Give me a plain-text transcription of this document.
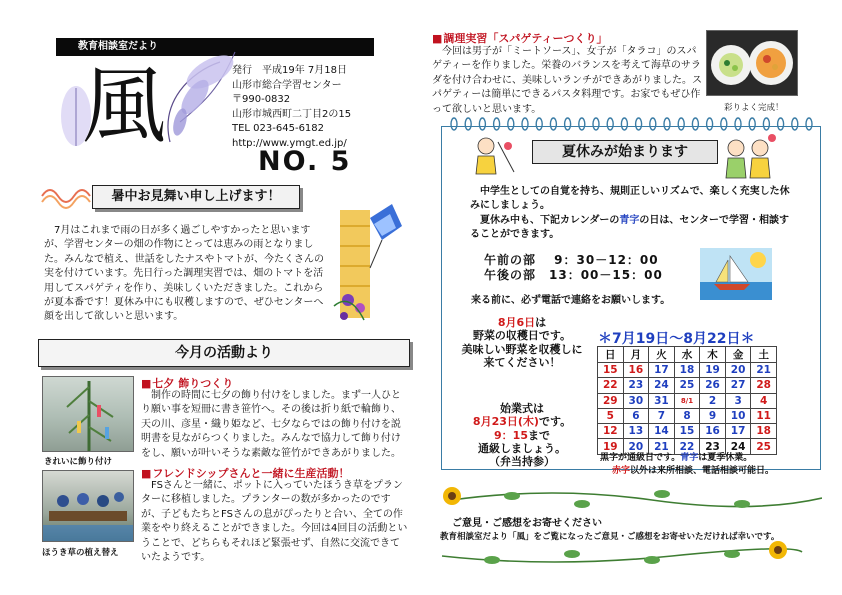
教育相談室だより
風	発行　平成19年 7月18日
山形市総合学習センター
〒990-0832
山形市城西町二丁目2の15
TEL 023-645-6182
http://www.ymgt.ed.jp/
NO. 5
暑中お見舞い申し上げます！
7月はこれまで雨の日が多く過ごしやすかったと思いますが、学習センターの畑の作物にとっては恵みの雨となりました。みんなで植え、世話をしたナスやトマトが、今たくさんの実を付けています。先日行った調理実習では、畑のトマトを活用してスパゲティを作り、美味しくいただきました。これからが夏本番です！夏休み中にも収穫しますので、ぜひセンターへ顔を出して欲しいと思います。
今月の活動より
きれいに飾り付け
■ 七夕 飾りつくり
制作の時間に七夕の飾り付けをしました。まず一人ひとり願い事を短冊に書き笹竹へ。その後は折り紙で輪飾り、天の川、彦星・織り姫など、七夕ならではの飾り付けを説明書を見ながらつくりました。みんなで協力して飾り付けをし、願いが叶いそうな素敵な笹竹ができあがりました。
ほうき草の植え替え
■ フレンドシップさんと一緒に生産活動！
FSさんと一緒に、ポットに入っていたほうき草をプランターに移植しました。プランターの数が多かったのですが、子どもたちとFSさんの息がぴったりと合い、全ての作業をやり終えることができました。今回は4回目の活動ということで、どちらもそれほど緊張せず、自然に交流できていたようです。
■ 調理実習「スパゲティーつくり」
今回は男子が「ミートソース」、女子が「タラコ」のスパゲティーを作りました。栄養のバランスを考えて海草のサラダを付け合わせに、美味しいランチができあがりました。スパゲティーは簡単にできるパスタ料理です。お家でもぜひ作って欲しいと思います。	彩りよく完成！
夏休みが始まります
中学生としての自覚を持ち、規則正しいリズムで、楽しく充実した休みにしましょう。
夏休み中も、下記カレンダーの青字の日は、センターで学習・相談することができます。
午前の部　 9：30－12：00
午後の部　13：00－15：00
来る前に、必ず電話で連絡をお願いします。
8月6日は
野菜の収穫日です。
美味しい野菜を収穫しに
来てください！
始業式は
8月23日(木)です。
9：15まで
通級しましょう。
（弁当持参）
＊7月19日～8月22日＊
日	月	火	水	木	金	土
15	16	17	18	19	20	21
22	23	24	25	26	27	28
29	30	31	8/1	2	3	4
5	6	7	8	9	10	11
12	13	14	15	16	17	18
19	20	21	22	23	24	25
黒字が通級日です。青字は夏季休業。
赤字以外は来所相談、電話相談可能日。
ご意見・ご感想をお寄せください
教育相談室だより「風」をご覧になったご意見・ご感想をお寄せいただければ幸いです。
